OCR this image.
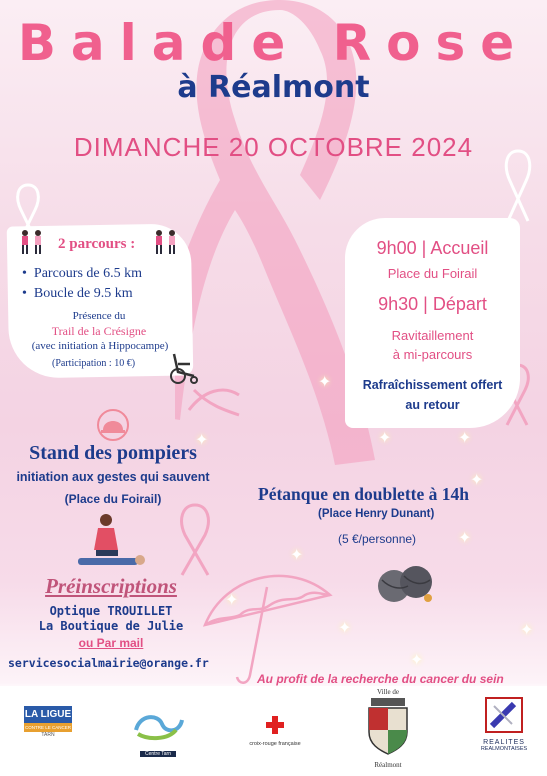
✦
✦	✦
✦
✦
✦
✦
✦
✦
✦
✦
Balade Rose
à Réalmont
DIMANCHE 20 OCTOBRE 2024
2 parcours :
•  Parcours de 6.5 km
•  Boucle de 9.5 km
Présence du
Trail de la Crésigne
(avec initiation à Hippocampe)
(Participation : 10 €)
9h00 | Accueil
Place du Foirail
9h30 | Départ
Ravitaillement
à mi-parcours
Rafraîchissement offert
au retour
Stand des pompiers
initiation aux gestes qui sauvent
(Place du Foirail)	Pétanque en doublette à 14h
(Place Henry Dunant)
(5 €/personne)
Préinscriptions
Optique TROUILLET
La Boutique de Julie
ou Par mail
servicesocialmairie@orange.fr
Au profit de la recherche du cancer du sein
LA LIGUE
CONTRE LE CANCER
TARN
Centre Tarn
croix-rouge française
Ville de
Réalmont
REALITES
REALMONTAISES
